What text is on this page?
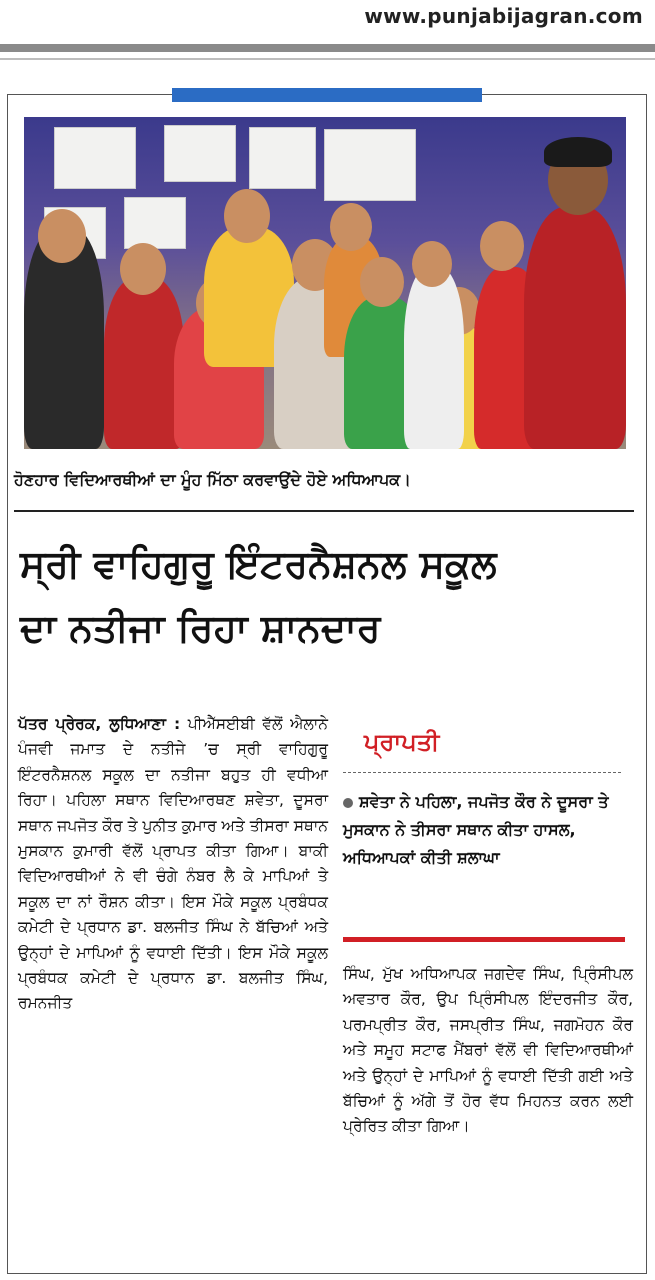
www.punjabijagran.com
ਹੋਣਹਾਰ ਵਿਦਿਆਰਥੀਆਂ ਦਾ ਮੂੰਹ ਮਿੱਠਾ ਕਰਵਾਉਂਦੇ ਹੋਏ ਅਧਿਆਪਕ।
ਸ੍ਰੀ ਵਾਹਿਗੁਰੂ ਇੰਟਰਨੈਸ਼ਨਲ ਸਕੂਲ
ਦਾ ਨਤੀਜਾ ਰਿਹਾ ਸ਼ਾਨਦਾਰ
ਪੱਤਰ ਪ੍ਰੇਰਕ, ਲੁਧਿਆਣਾ : ਪੀਐੱਸਈਬੀ ਵੱਲੋਂ ਐਲਾਨੇ ਪੰਜਵੀ ਜਮਾਤ ਦੇ ਨਤੀਜੇ ’ਚ ਸ੍ਰੀ ਵਾਹਿਗੁਰੂ ਇੰਟਰਨੈਸ਼ਨਲ ਸਕੂਲ ਦਾ ਨਤੀਜਾ ਬਹੁਤ ਹੀ ਵਧੀਆ ਰਿਹਾ। ਪਹਿਲਾ ਸਥਾਨ ਵਿਦਿਆਰਥਣ ਸ਼ਵੇਤਾ, ਦੂਸਰਾ ਸਥਾਨ ਜਪਜੋਤ ਕੌਰ ਤੇ ਪੁਨੀਤ ਕੁਮਾਰ ਅਤੇ ਤੀਸਰਾ ਸਥਾਨ ਮੁਸਕਾਨ ਕੁਮਾਰੀ ਵੱਲੋਂ ਪ੍ਰਾਪਤ ਕੀਤਾ ਗਿਆ। ਬਾਕੀ ਵਿਦਿਆਰਥੀਆਂ ਨੇ ਵੀ ਚੰਗੇ ਨੰਬਰ ਲੈ ਕੇ ਮਾਪਿਆਂ ਤੇ ਸਕੂਲ ਦਾ ਨਾਂ ਰੌਸ਼ਨ ਕੀਤਾ। ਇਸ ਮੌਕੇ ਸਕੂਲ ਪ੍ਰਬੰਧਕ ਕਮੇਟੀ ਦੇ ਪ੍ਰਧਾਨ ਡਾ. ਬਲਜੀਤ ਸਿੰਘ ਨੇ ਬੱਚਿਆਂ ਅਤੇ ਉਨ੍ਹਾਂ ਦੇ ਮਾਪਿਆਂ ਨੂੰ ਵਧਾਈ ਦਿੱਤੀ। ਇਸ ਮੌਕੇ ਸਕੂਲ ਪ੍ਰਬੰਧਕ ਕਮੇਟੀ ਦੇ ਪ੍ਰਧਾਨ ਡਾ. ਬਲਜੀਤ ਸਿੰਘ, ਰਮਨਜੀਤ
ਪ੍ਰਾਪਤੀ
ਸ਼ਵੇਤਾ ਨੇ ਪਹਿਲਾ, ਜਪਜੋਤ ਕੌਰ ਨੇ ਦੂਸਰਾ ਤੇ ਮੁਸਕਾਨ ਨੇ ਤੀਸਰਾ ਸਥਾਨ ਕੀਤਾ ਹਾਸਲ, ਅਧਿਆਪਕਾਂ ਕੀਤੀ ਸ਼ਲਾਘਾ
ਸਿੰਘ, ਮੁੱਖ ਅਧਿਆਪਕ ਜਗਦੇਵ ਸਿੰਘ, ਪ੍ਰਿੰਸੀਪਲ ਅਵਤਾਰ ਕੌਰ, ਉਪ ਪ੍ਰਿੰਸੀਪਲ ਇੰਦਰਜੀਤ ਕੌਰ, ਪਰਮਪ੍ਰੀਤ ਕੌਰ, ਜਸਪ੍ਰੀਤ ਸਿੰਘ, ਜਗਮੋਹਨ ਕੌਰ ਅਤੇ ਸਮੂਹ ਸਟਾਫ ਮੈਂਬਰਾਂ ਵੱਲੋਂ ਵੀ ਵਿਦਿਆਰਥੀਆਂ ਅਤੇ ਉਨ੍ਹਾਂ ਦੇ ਮਾਪਿਆਂ ਨੂੰ ਵਧਾਈ ਦਿੱਤੀ ਗਈ ਅਤੇ ਬੱਚਿਆਂ ਨੂੰ ਅੱਗੇ ਤੋਂ ਹੋਰ ਵੱਧ ਮਿਹਨਤ ਕਰਨ ਲਈ ਪ੍ਰੇਰਿਤ ਕੀਤਾ ਗਿਆ।
